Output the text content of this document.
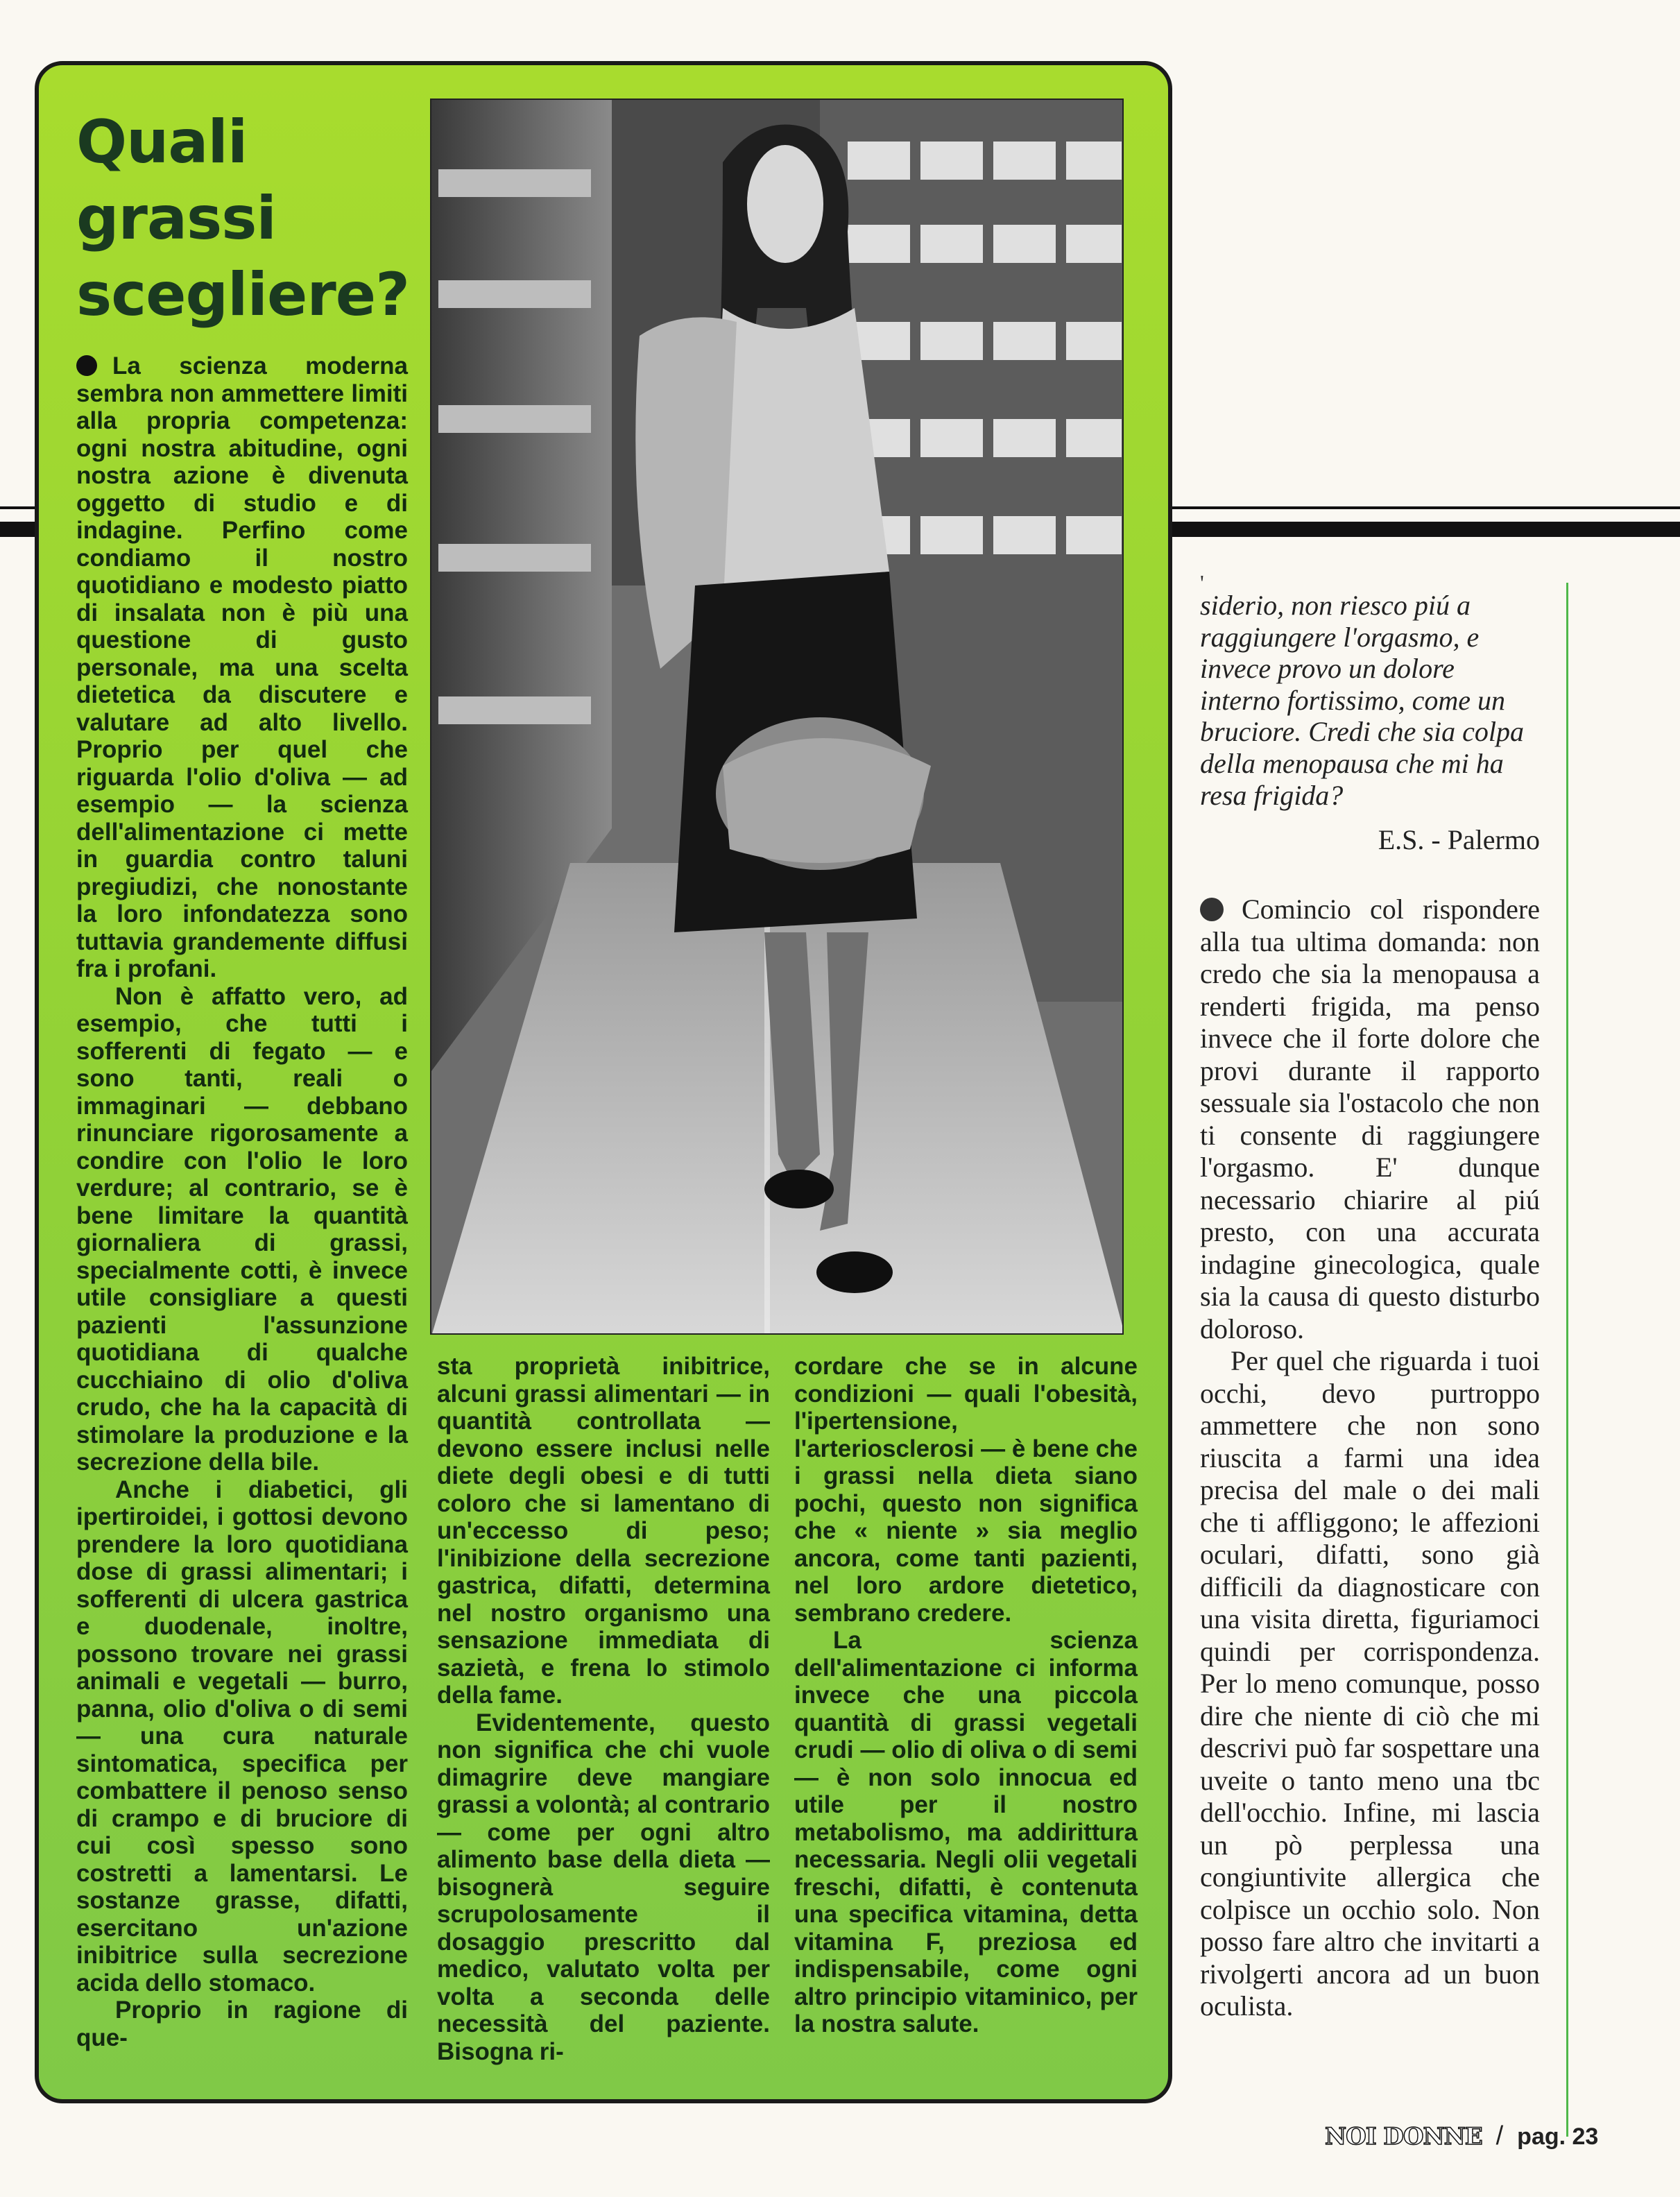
Quali
grassi
scegliere?

La scienza moderna sembra non ammettere limiti alla propria competenza: ogni nostra abitudine, ogni nostra azione è divenuta oggetto di studio e di indagine. Perfino come condiamo il nostro quotidiano e modesto piatto di insalata non è più una questione di gusto personale, ma una scelta dietetica da discutere e valutare ad alto livello. Proprio per quel che riguarda l'olio d'oliva — ad esempio — la scienza dell'alimentazione ci mette in guardia contro taluni pregiudizi, che nonostante la loro infondatezza sono tuttavia grandemente diffusi fra i profani.

Non è affatto vero, ad esempio, che tutti i sofferenti di fegato — e sono tanti, reali o immaginari — debbano rinunciare rigorosamente a condire con l'olio le loro verdure; al contrario, se è bene limitare la quantità giornaliera di grassi, specialmente cotti, è invece utile consigliare a questi pazienti l'assunzione quotidiana di qualche cucchiaino di olio d'oliva crudo, che ha la capacità di stimolare la produzione e la secrezione della bile.

Anche i diabetici, gli ipertiroidei, i gottosi devono prendere la loro quotidiana dose di grassi alimentari; i sofferenti di ulcera gastrica e duodenale, inoltre, possono trovare nei grassi animali e vegetali — burro, panna, olio d'oliva o di semi — una cura naturale sintomatica, specifica per combattere il penoso senso di crampo e di bruciore di cui così spesso sono costretti a lamentarsi. Le sostanze grasse, difatti, esercitano un'azione inibitrice sulla secrezione acida dello stomaco.

Proprio in ragione di que-

sta proprietà inibitrice, alcuni grassi alimentari — in quantità controllata — devono essere inclusi nelle diete degli obesi e di tutti coloro che si lamentano di un'eccesso di peso; l'inibizione della secrezione gastrica, difatti, determina nel nostro organismo una sensazione immediata di sazietà, e frena lo stimolo della fame.

Evidentemente, questo non significa che chi vuole dimagrire deve mangiare grassi a volontà; al contrario — come per ogni altro alimento base della dieta — bisognerà seguire scrupolosamente il dosaggio prescritto dal medico, valutato volta per volta a seconda delle necessità del paziente. Bisogna ri-

cordare che se in alcune condizioni — quali l'obesità, l'ipertensione, l'arteriosclerosi — è bene che i grassi nella dieta siano pochi, questo non significa che « niente » sia meglio ancora, come tanti pazienti, nel loro ardore dietetico, sembrano credere.

La scienza dell'alimentazione ci informa invece che una piccola quantità di grassi vegetali crudi — olio di oliva o di semi — è non solo innocua ed utile per il nostro metabolismo, ma addirittura necessaria. Negli olii vegetali freschi, difatti, è contenuta una specifica vitamina, detta vitamina F, preziosa ed indispensabile, come ogni altro principio vitaminico, per la nostra salute.

'
siderio, non riesco piú a raggiungere l'orgasmo, e invece provo un dolore interno fortissimo, come un bruciore. Credi che sia colpa della menopausa che mi ha resa frigida?
E.S. - Palermo

Comincio col rispondere alla tua ultima domanda: non credo che sia la menopausa a renderti frigida, ma penso invece che il forte dolore che provi durante il rapporto sessuale sia l'ostacolo che non ti consente di raggiungere l'orgasmo. E' dunque necessario chiarire al piú presto, con una accurata indagine ginecologica, quale sia la causa di questo disturbo doloroso.

Per quel che riguarda i tuoi occhi, devo purtroppo ammettere che non sono riuscita a farmi una idea precisa del male o dei mali che ti affliggono; le affezioni oculari, difatti, sono già difficili da diagnosticare con una visita diretta, figuriamoci quindi per corrispondenza. Per lo meno comunque, posso dire che niente di ciò che mi descrivi può far sospettare una uveite o tanto meno una tbc dell'occhio. Infine, mi lascia un pò perplessa una congiuntivite allergica che colpisce un occhio solo. Non posso fare altro che invitarti a rivolgerti ancora ad un buon oculista.

NOI DONNE / pag. 23
